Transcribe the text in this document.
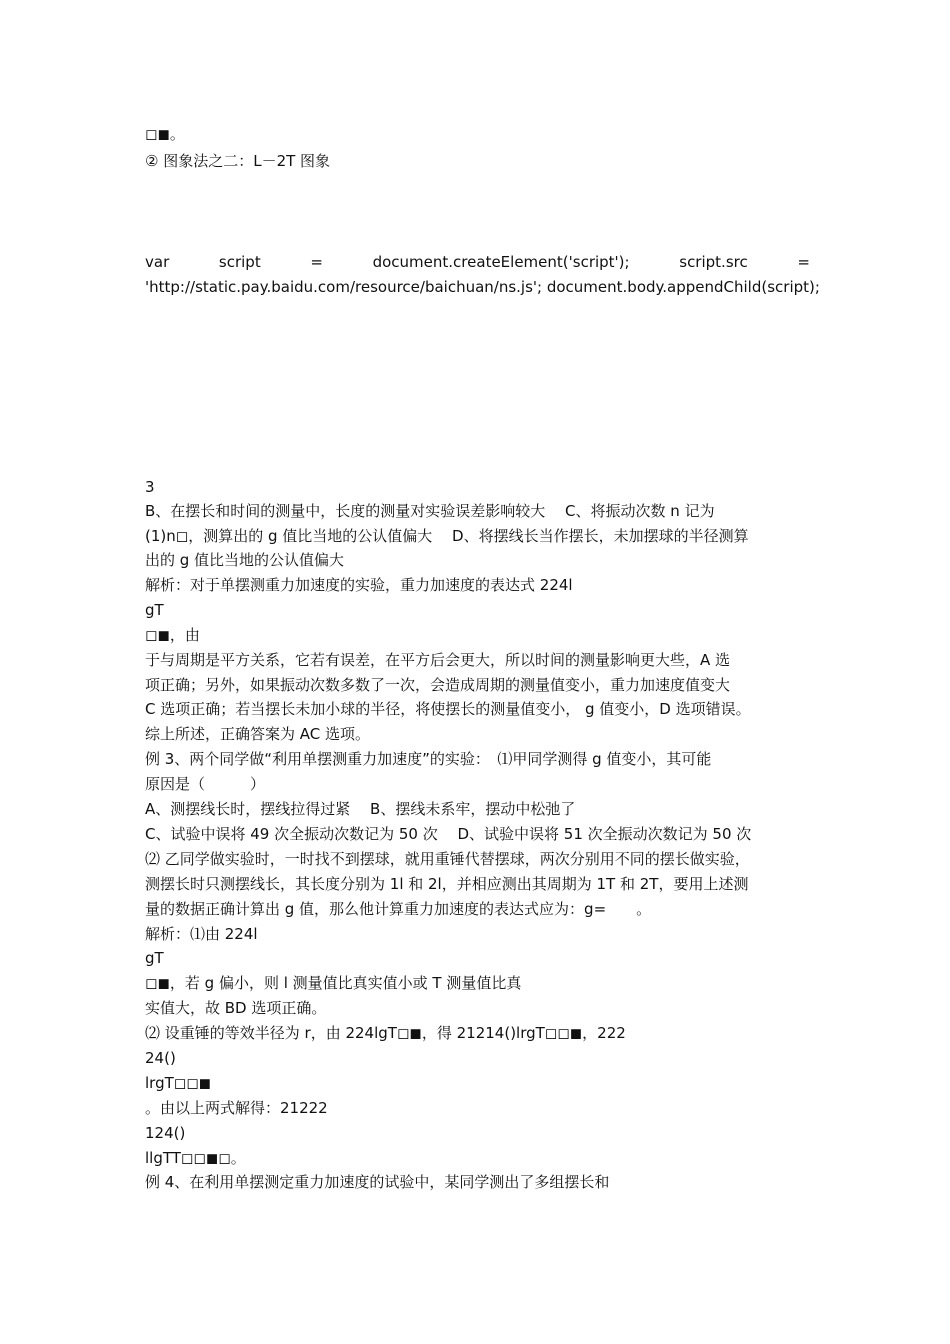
◻◼。
② 图象法之二：L－2T 图象
var	script	=	document.createElement('script');	script.src	=
'http://static.pay.baidu.com/resource/baichuan/ns.js'; document.body.appendChild(script);
3
B、在摆长和时间的测量中，长度的测量对实验误差影响较大　 C、将振动次数 n 记为
(1)n◻，测算出的 g 值比当地的公认值偏大　 D、将摆线长当作摆长，未加摆球的半径测算
出的 g 值比当地的公认值偏大
解析：对于单摆测重力加速度的实验，重力加速度的表达式 224l
gT
◻◼，由
于与周期是平方关系，它若有误差，在平方后会更大，所以时间的测量影响更大些，A 选
项正确；另外，如果振动次数多数了一次，会造成周期的测量值变小，重力加速度值变大
C 选项正确；若当摆长未加小球的半径，将使摆长的测量值变小， g 值变小，D 选项错误。
综上所述，正确答案为 AC 选项。
例 3、两个同学做“利用单摆测重力加速度”的实验：　⑴甲同学测得 g 值变小，其可能
原因是（　　　）
A、测摆线长时，摆线拉得过紧　 B、摆线未系牢，摆动中松弛了
C、试验中误将 49 次全振动次数记为 50 次　 D、试验中误将 51 次全振动次数记为 50 次
⑵ 乙同学做实验时，一时找不到摆球，就用重锤代替摆球，两次分别用不同的摆长做实验，
测摆长时只测摆线长，其长度分别为 1l 和 2l，并相应测出其周期为 1T 和 2T，要用上述测
量的数据正确计算出 g 值，那么他计算重力加速度的表达式应为：g=　　。
解析：⑴由 224l
gT
◻◼，若 g 偏小，则 l 测量值比真实值小或 T 测量值比真
实值大，故 BD 选项正确。
⑵ 设重锤的等效半径为 r，由 224lgT◻◼，得 21214()lrgT◻◻◼，222
24()
lrgT◻◻◼
。由以上两式解得：21222
124()
llgTT◻◻◼◻。
例 4、在利用单摆测定重力加速度的试验中，某同学测出了多组摆长和
